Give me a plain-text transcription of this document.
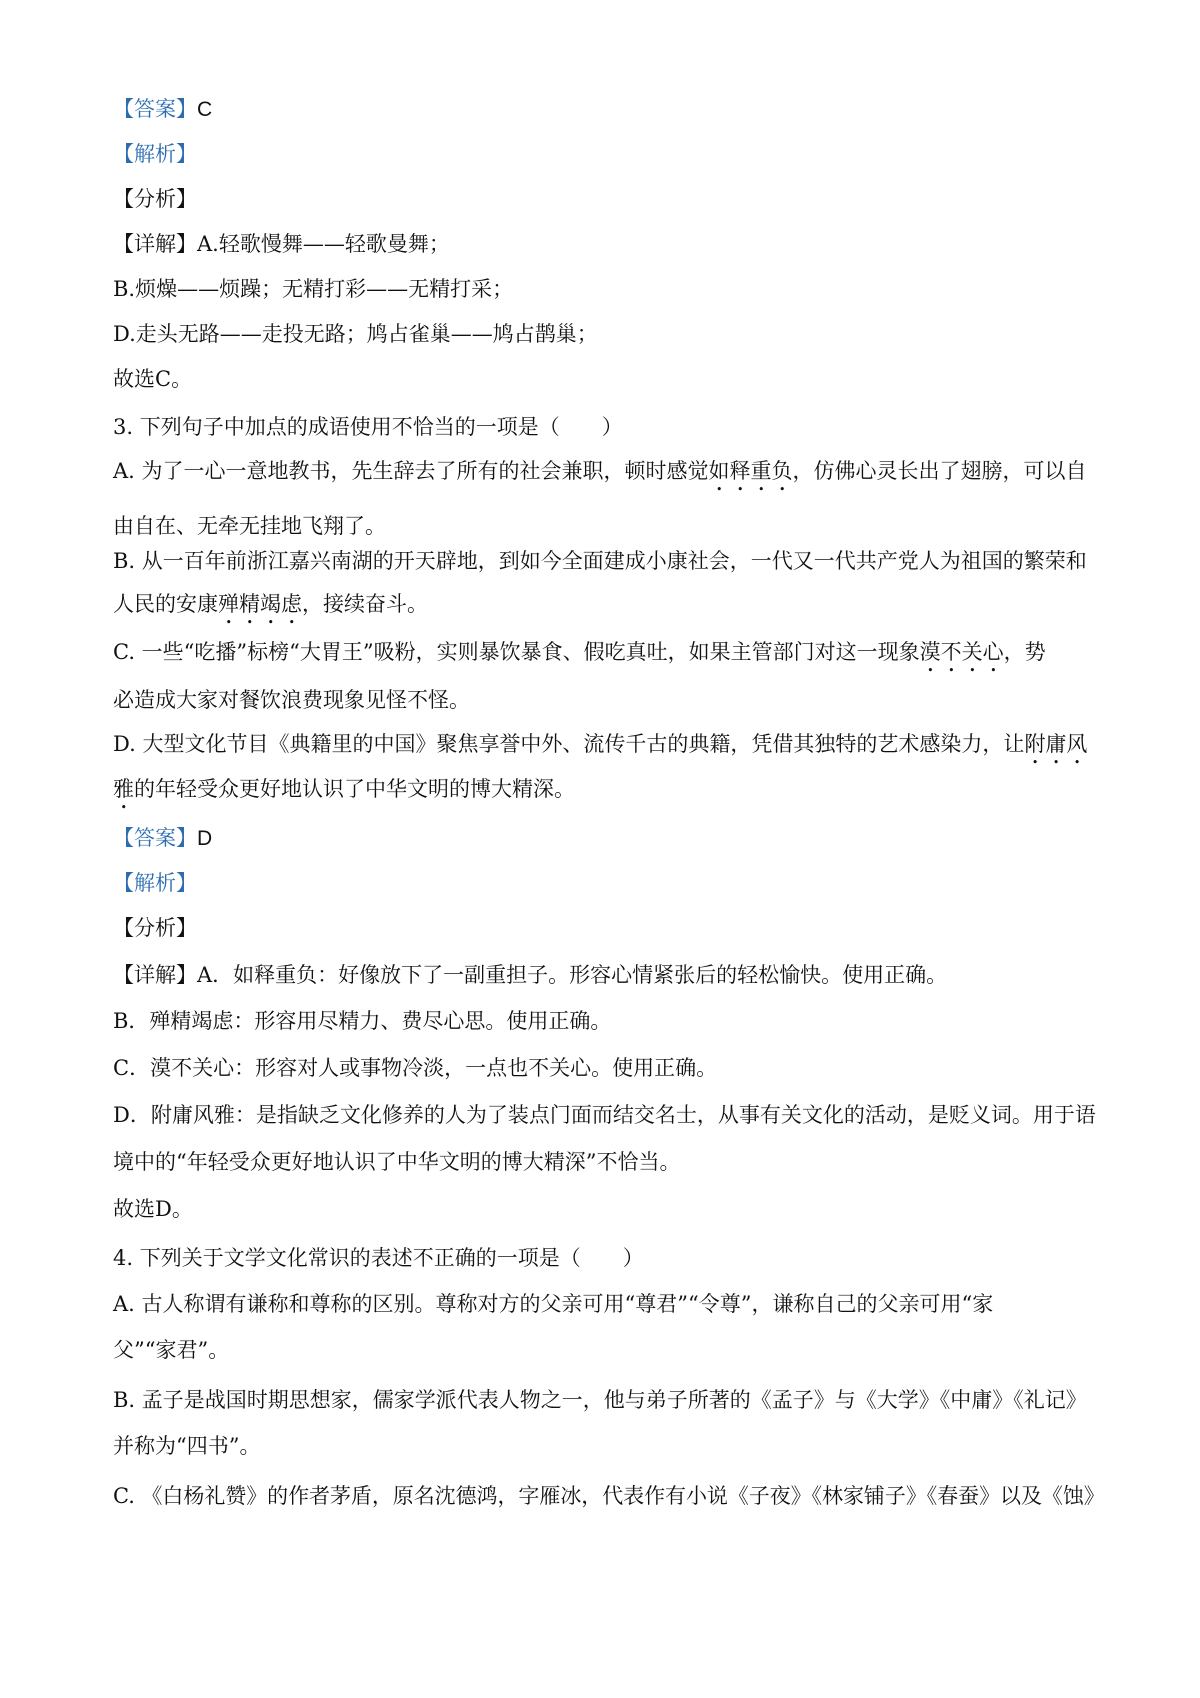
【答案】C
【解析】
【分析】
【详解】A.轻歌慢舞——轻歌曼舞；
B.烦燥——烦躁；无精打彩——无精打采；
D.走头无路——走投无路；鸠占雀巢——鸠占鹊巢；
故选C。
3. 下列句子中加点的成语使用不恰当的一项是（　　）
A. 为了一心一意地教书，先生辞去了所有的社会兼职，顿时感觉如释重负，仿佛心灵长出了翅膀，可以自
由自在、无牵无挂地飞翔了。
B. 从一百年前浙江嘉兴南湖的开天辟地，到如今全面建成小康社会，一代又一代共产党人为祖国的繁荣和
人民的安康殚精竭虑，接续奋斗。
C. 一些“吃播”标榜“大胃王”吸粉，实则暴饮暴食、假吃真吐，如果主管部门对这一现象漠不关心，势
必造成大家对餐饮浪费现象见怪不怪。
D. 大型文化节目《典籍里的中国》聚焦享誉中外、流传千古的典籍，凭借其独特的艺术感染力，让附庸风
雅的年轻受众更好地认识了中华文明的博大精深。
【答案】D
【解析】
【分析】
【详解】A．如释重负：好像放下了一副重担子。形容心情紧张后的轻松愉快。使用正确。
B．殚精竭虑：形容用尽精力、费尽心思。使用正确。
C．漠不关心：形容对人或事物冷淡，一点也不关心。使用正确。
D．附庸风雅：是指缺乏文化修养的人为了装点门面而结交名士，从事有关文化的活动，是贬义词。用于语
境中的“年轻受众更好地认识了中华文明的博大精深”不恰当。
故选D。
4. 下列关于文学文化常识的表述不正确的一项是（　　）
A. 古人称谓有谦称和尊称的区别。尊称对方的父亲可用“尊君”“令尊”，谦称自己的父亲可用“家
父”“家君”。
B. 孟子是战国时期思想家，儒家学派代表人物之一，他与弟子所著的《孟子》与《大学》《中庸》《礼记》
并称为“四书”。
C. 《白杨礼赞》的作者茅盾，原名沈德鸿，字雁冰，代表作有小说《子夜》《林家铺子》《春蚕》以及《蚀》
